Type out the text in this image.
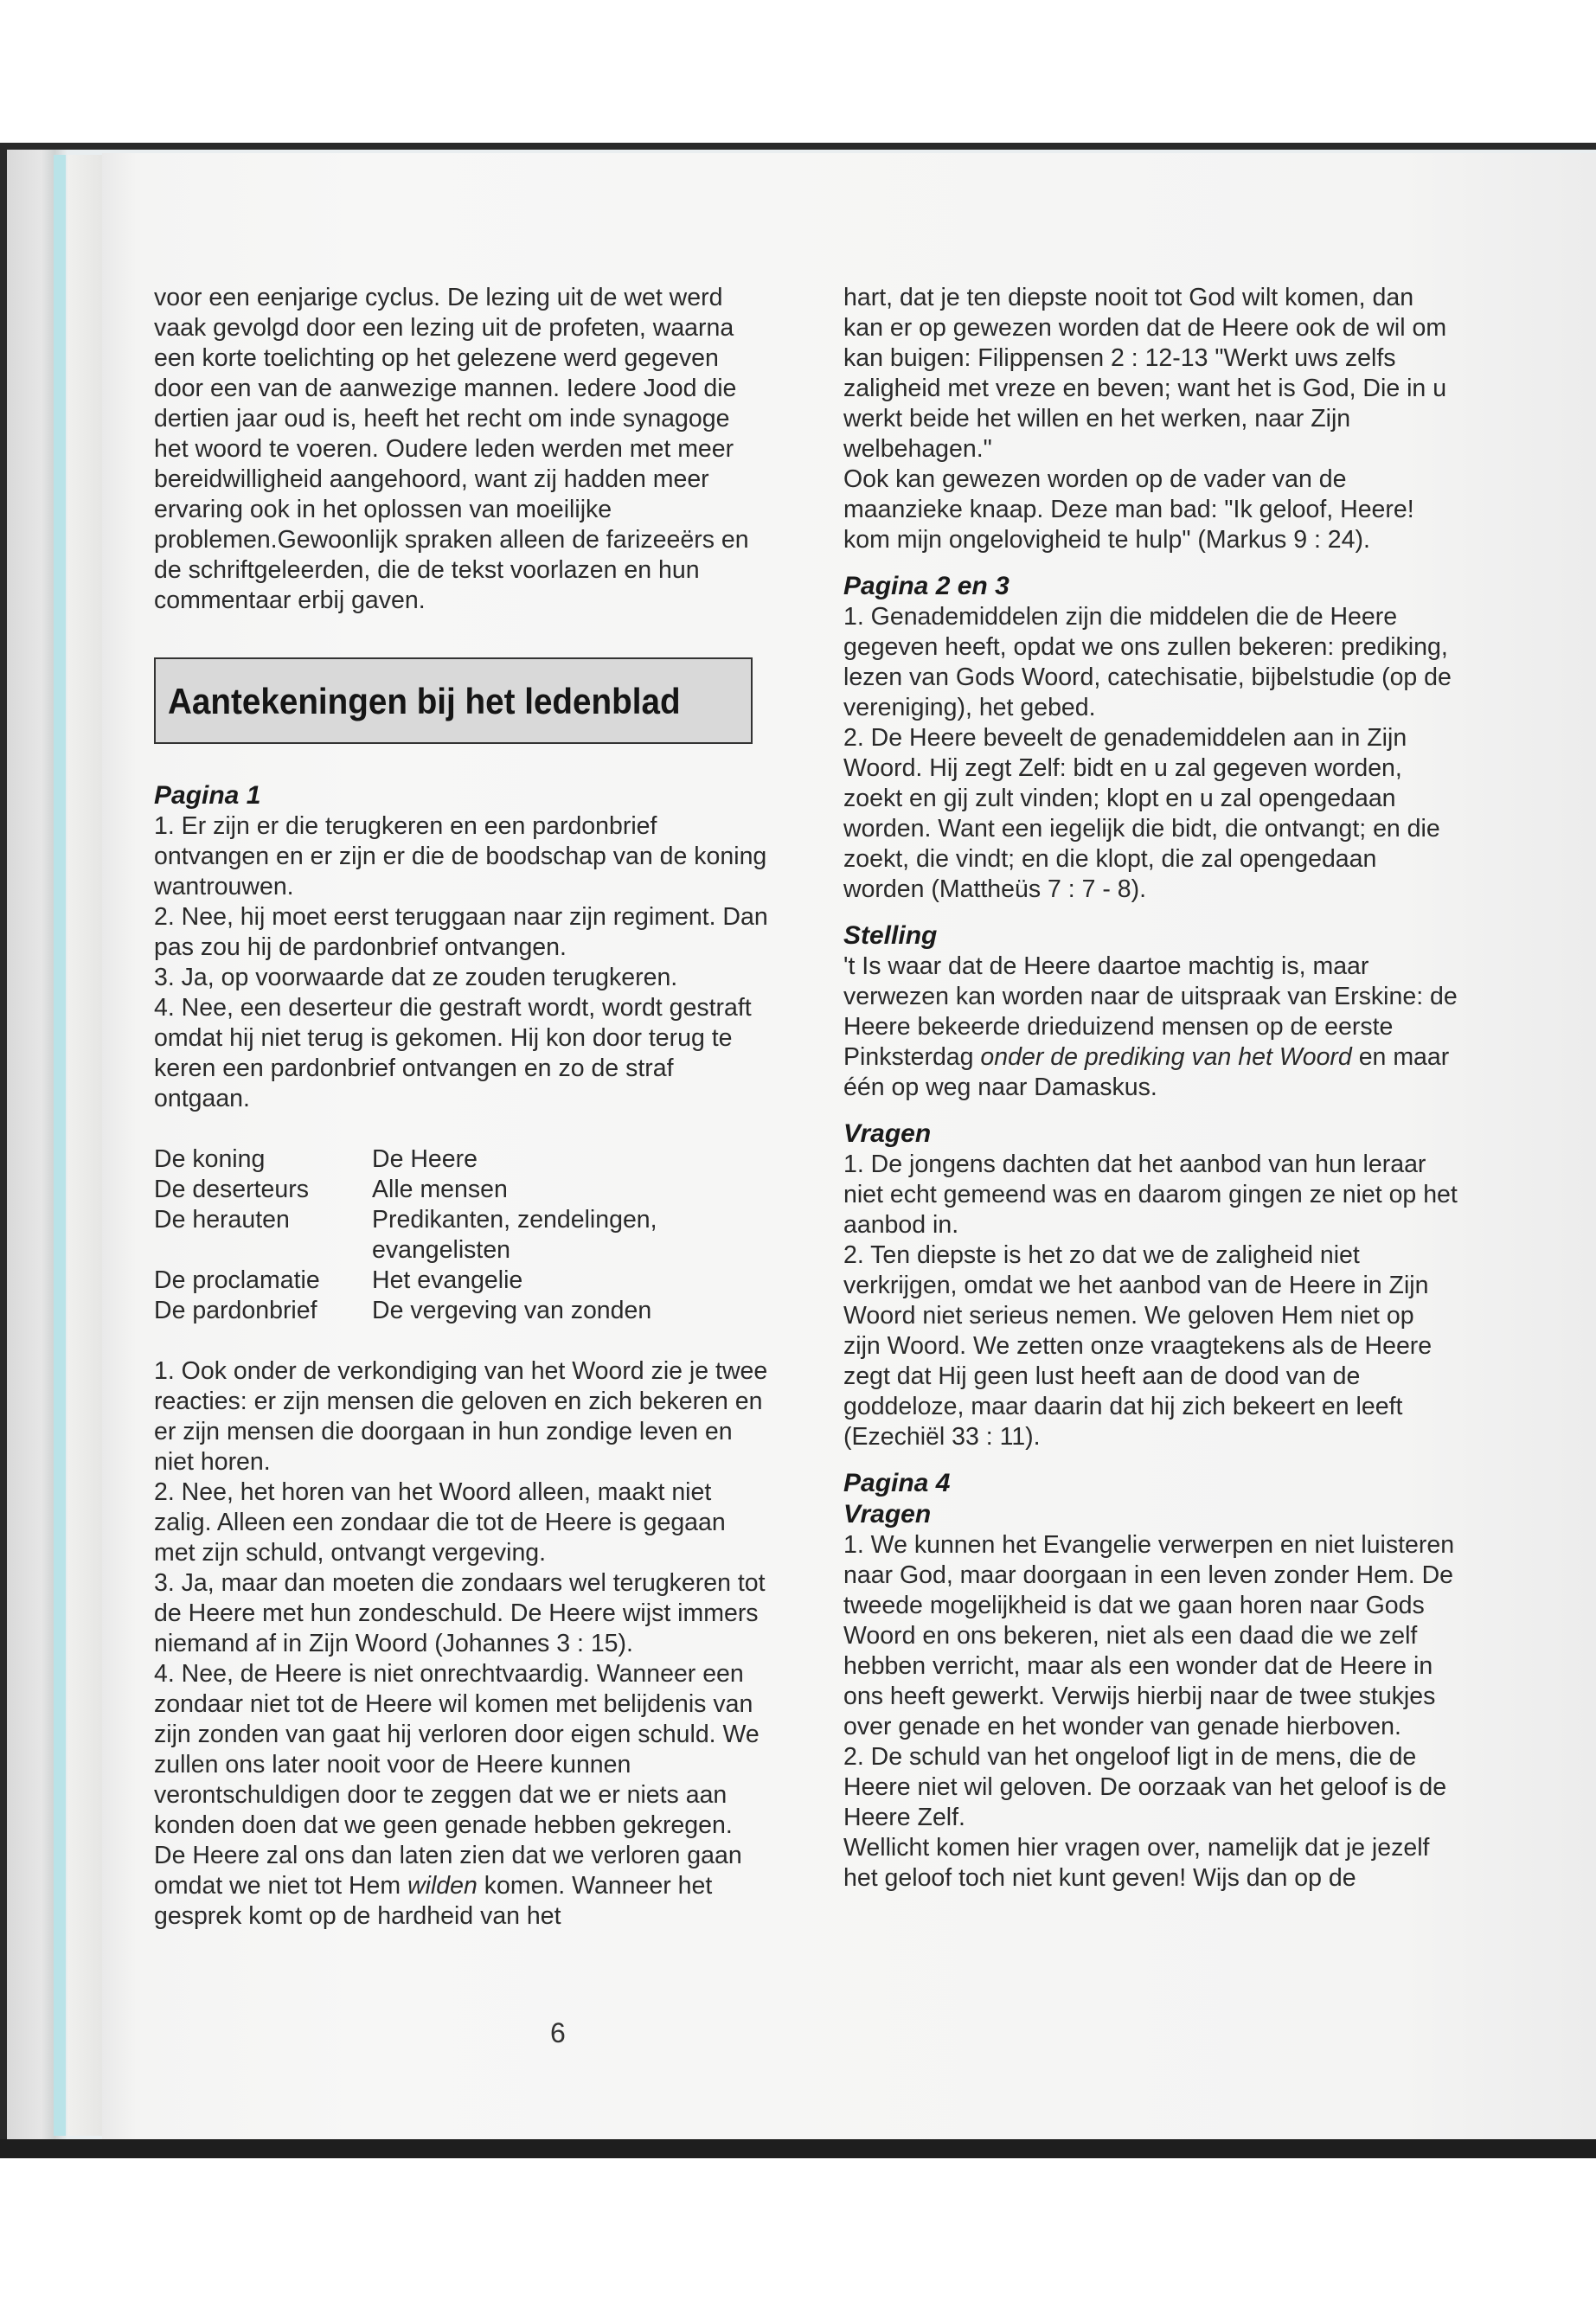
voor een eenjarige cyclus. De lezing uit de wet werd vaak gevolgd door een lezing uit de profeten, waarna een korte toelichting op het gelezene werd gegeven door een van de aanwezige mannen. Iedere Jood die dertien jaar oud is, heeft het recht om inde synagoge het woord te voeren. Oudere leden werden met meer bereidwilligheid aangehoord, want zij hadden meer ervaring ook in het oplossen van moeilijke problemen.Gewoonlijk spraken alleen de farizeeërs en de schriftgeleerden, die de tekst voorlazen en hun commentaar erbij gaven.

Aantekeningen bij het ledenblad

Pagina 1

1. Er zijn er die terugkeren en een pardonbrief ontvangen en er zijn er die de boodschap van de koning wantrouwen.

2. Nee, hij moet eerst teruggaan naar zijn regiment. Dan pas zou hij de pardonbrief ontvangen.

3. Ja, op voorwaarde dat ze zouden terugkeren.

4. Nee, een deserteur die gestraft wordt, wordt gestraft omdat hij niet terug is gekomen. Hij kon door terug te keren een pardonbrief ontvangen en zo de straf ontgaan.

De koning	De Heere
De deserteurs	Alle mensen
De herauten	Predikanten, zendelingen, evangelisten
De proclamatie	Het evangelie
De pardonbrief	De vergeving van zonden

1. Ook onder de verkondiging van het Woord zie je twee reacties: er zijn mensen die geloven en zich bekeren en er zijn mensen die doorgaan in hun zondige leven en niet horen.

2. Nee, het horen van het Woord alleen, maakt niet zalig. Alleen een zondaar die tot de Heere is gegaan met zijn schuld, ontvangt vergeving.

3. Ja, maar dan moeten die zondaars wel terugkeren tot de Heere met hun zondeschuld. De Heere wijst immers niemand af in Zijn Woord (Johannes 3 : 15).

4. Nee, de Heere is niet onrechtvaardig. Wanneer een zondaar niet tot de Heere wil komen met belijdenis van zijn zonden van gaat hij verloren door eigen schuld. We zullen ons later nooit voor de Heere kunnen verontschuldigen door te zeggen dat we er niets aan konden doen dat we geen genade hebben gekregen. De Heere zal ons dan laten zien dat we verloren gaan omdat we niet tot Hem wilden komen. Wanneer het gesprek komt op de hardheid van het

hart, dat je ten diepste nooit tot God wilt komen, dan kan er op gewezen worden dat de Heere ook de wil om kan buigen: Filippensen 2 : 12-13 "Werkt uws zelfs zaligheid met vreze en beven; want het is God, Die in u werkt beide het willen en het werken, naar Zijn welbehagen."

Ook kan gewezen worden op de vader van de maanzieke knaap. Deze man bad: "Ik geloof, Heere! kom mijn ongelovigheid te hulp" (Markus 9 : 24).

Pagina 2 en 3

1. Genademiddelen zijn die middelen die de Heere gegeven heeft, opdat we ons zullen bekeren: prediking, lezen van Gods Woord, catechisatie, bijbelstudie (op de vereniging), het gebed.

2. De Heere beveelt de genademiddelen aan in Zijn Woord. Hij zegt Zelf: bidt en u zal gegeven worden, zoekt en gij zult vinden; klopt en u zal opengedaan worden. Want een iegelijk die bidt, die ontvangt; en die zoekt, die vindt; en die klopt, die zal opengedaan worden (Mattheüs 7 : 7 - 8).

Stelling

't Is waar dat de Heere daartoe machtig is, maar verwezen kan worden naar de uitspraak van Erskine: de Heere bekeerde drieduizend mensen op de eerste Pinksterdag onder de prediking van het Woord en maar één op weg naar Damaskus.

Vragen

1. De jongens dachten dat het aanbod van hun leraar niet echt gemeend was en daarom gingen ze niet op het aanbod in.

2. Ten diepste is het zo dat we de zaligheid niet verkrijgen, omdat we het aanbod van de Heere in Zijn Woord niet serieus nemen. We geloven Hem niet op zijn Woord. We zetten onze vraagtekens als de Heere zegt dat Hij geen lust heeft aan de dood van de goddeloze, maar daarin dat hij zich bekeert en leeft (Ezechiël 33 : 11).

Pagina 4

Vragen

1. We kunnen het Evangelie verwerpen en niet luisteren naar God, maar doorgaan in een leven zonder Hem. De tweede mogelijkheid is dat we gaan horen naar Gods Woord en ons bekeren, niet als een daad die we zelf hebben verricht, maar als een wonder dat de Heere in ons heeft gewerkt. Verwijs hierbij naar de twee stukjes over genade en het wonder van genade hierboven.

2. De schuld van het ongeloof ligt in de mens, die de Heere niet wil geloven. De oorzaak van het geloof is de Heere Zelf.

Wellicht komen hier vragen over, namelijk dat je jezelf het geloof toch niet kunt geven! Wijs dan op de

6
